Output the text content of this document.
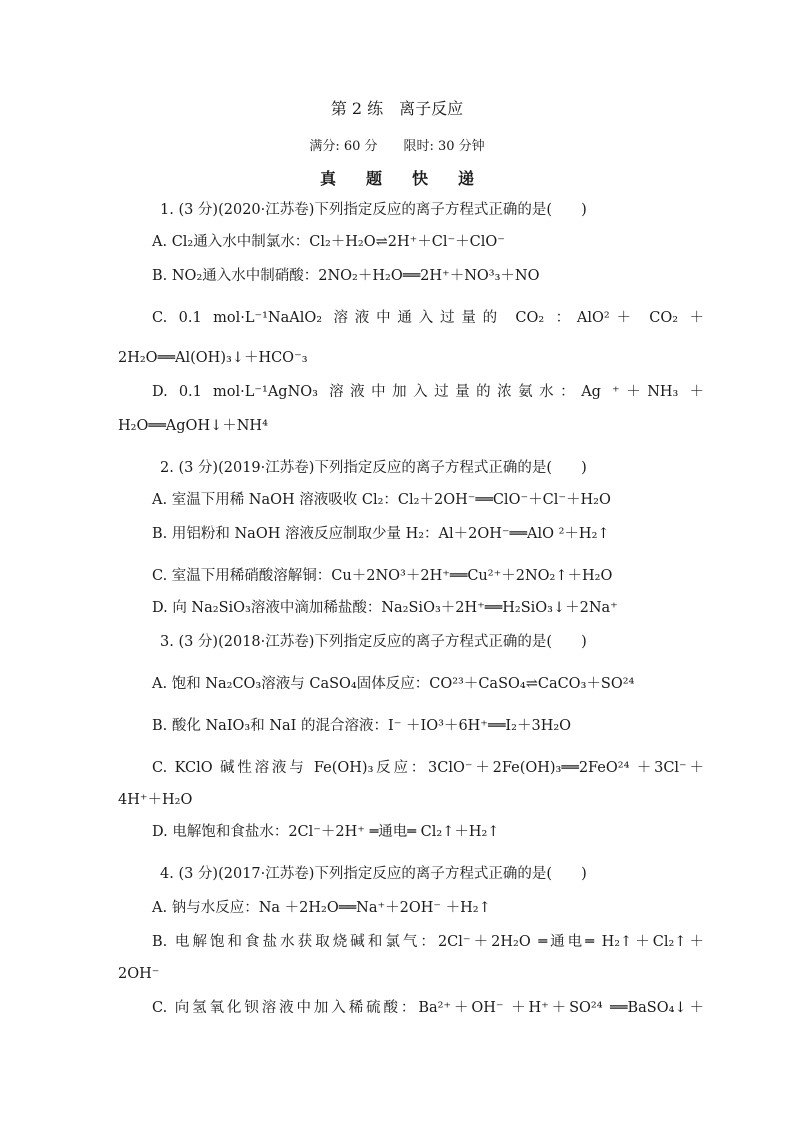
第 2 练　离子反应
满分: 60 分　　限时: 30 分钟
真题快递
1. (3 分)(2020·江苏卷)下列指定反应的离子方程式正确的是(　　)
A. Cl₂通入水中制氯水：Cl₂＋H₂O⇌2H⁺＋Cl⁻＋ClO⁻
B. NO₂通入水中制硝酸：2NO₂＋H₂O══2H⁺＋NO³₃＋NO
C. 0.1 mol·L⁻¹NaAlO₂ 溶液中通入过量的 CO₂ ：AlO²＋ CO₂ ＋
2H₂O══Al(OH)₃↓＋HCO⁻₃
D. 0.1 mol·L⁻¹AgNO₃ 溶液中加入过量的浓氨水：Ag ⁺＋NH₃ ＋
H₂O══AgOH↓＋NH⁴
2. (3 分)(2019·江苏卷)下列指定反应的离子方程式正确的是(　　)
A. 室温下用稀 NaOH 溶液吸收 Cl₂：Cl₂＋2OH⁻══ClO⁻＋Cl⁻＋H₂O
B. 用铝粉和 NaOH 溶液反应制取少量 H₂：Al＋2OH⁻══AlO ²＋H₂↑
C. 室温下用稀硝酸溶解铜：Cu＋2NO³＋2H⁺══Cu²⁺＋2NO₂↑＋H₂O
D. 向 Na₂SiO₃溶液中滴加稀盐酸：Na₂SiO₃＋2H⁺══H₂SiO₃↓＋2Na⁺
3. (3 分)(2018·江苏卷)下列指定反应的离子方程式正确的是(　　)
A. 饱和 Na₂CO₃溶液与 CaSO₄固体反应：CO²³＋CaSO₄⇌CaCO₃＋SO²⁴
B. 酸化 NaIO₃和 NaI 的混合溶液：I⁻ ＋IO³＋6H⁺══I₂＋3H₂O
C. KClO 碱性溶液与 Fe(OH)₃反应：3ClO⁻＋2Fe(OH)₃══2FeO²⁴ ＋3Cl⁻＋
4H⁺＋H₂O
D. 电解饱和食盐水：2Cl⁻＋2H⁺ ═通电═ Cl₂↑＋H₂↑
4. (3 分)(2017·江苏卷)下列指定反应的离子方程式正确的是(　　)
A. 钠与水反应：Na ＋2H₂O══Na⁺＋2OH⁻ ＋H₂↑
B. 电解饱和食盐水获取烧碱和氯气：2Cl⁻＋2H₂O ═通电═ H₂↑＋Cl₂↑＋
2OH⁻
C. 向氢氧化钡溶液中加入稀硫酸：Ba²⁺＋OH⁻ ＋H⁺＋SO²⁴ ══BaSO₄↓＋
